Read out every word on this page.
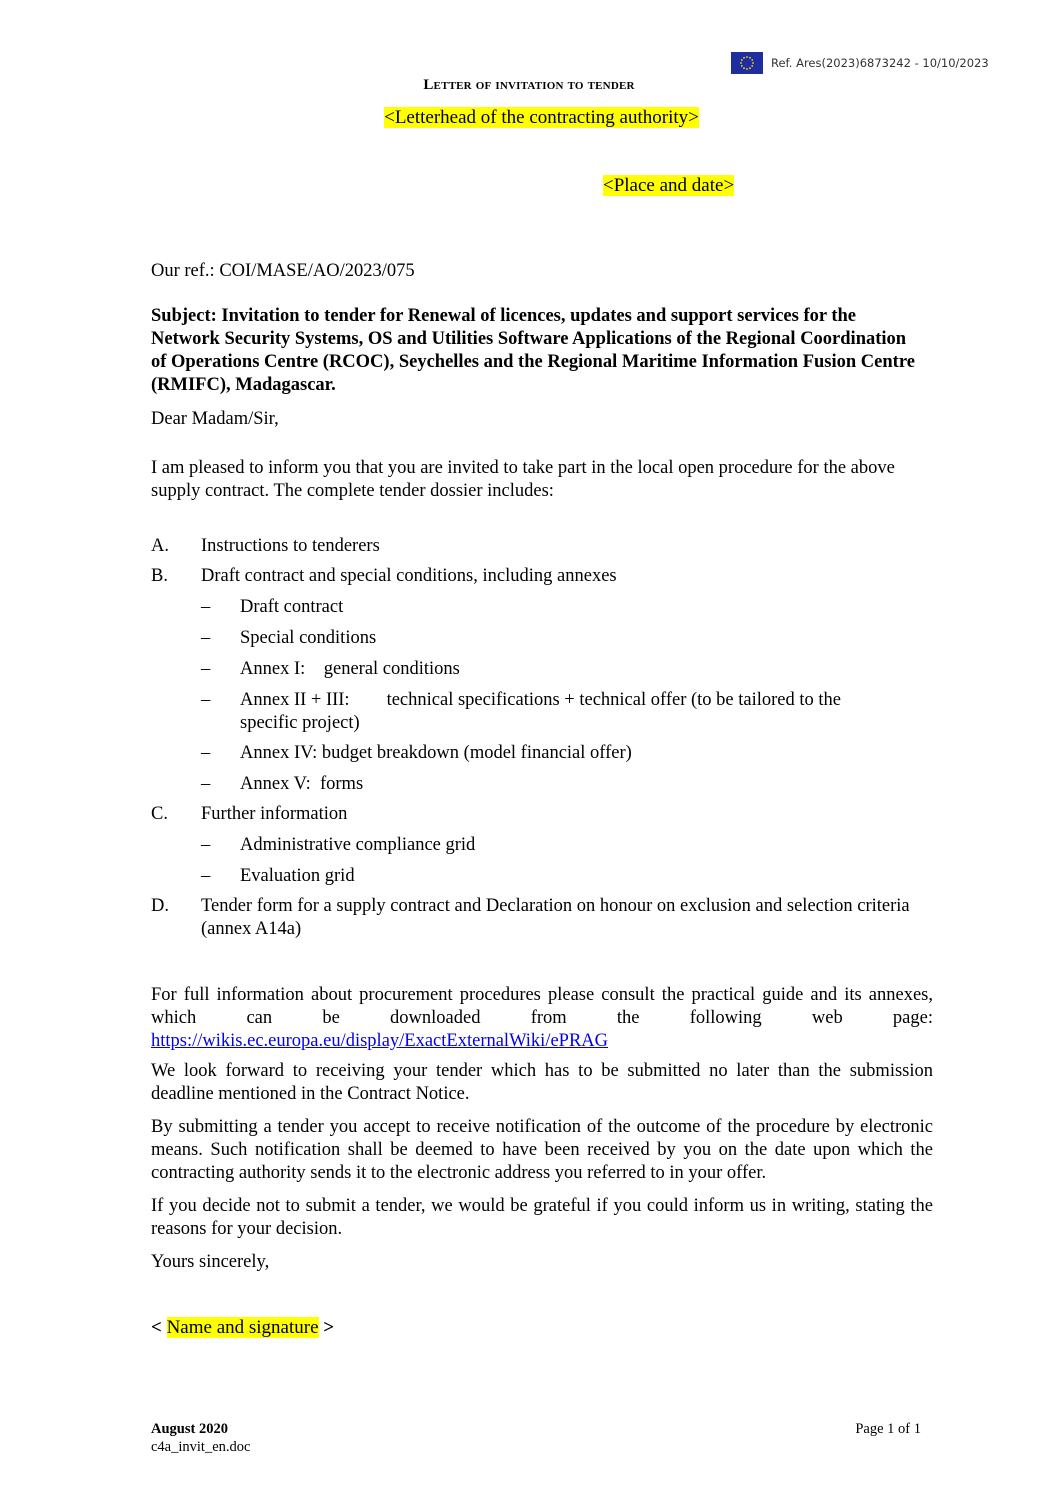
Ref. Ares(2023)6873242 - 10/10/2023
Letter of invitation to tender
<Letterhead of the contracting authority>
<Place and date>
Our ref.: COI/MASE/AO/2023/075
Subject: Invitation to tender for Renewal of licences, updates and support services for the Network Security Systems, OS and Utilities Software Applications of the Regional Coordination of Operations Centre (RCOC), Seychelles and the Regional Maritime Information Fusion Centre (RMIFC), Madagascar.
Dear Madam/Sir,
I am pleased to inform you that you are invited to take part in the local open procedure for the above supply contract. The complete tender dossier includes:
A.	Instructions to tenderers
B.	Draft contract and special conditions, including annexes
–	Draft contract
–	Special conditions
–	Annex I:    general conditions
–	Annex II + III:        technical specifications + technical offer (to be tailored to the specific project)
–	Annex IV: budget breakdown (model financial offer)
–	Annex V:  forms
C.	Further information
–	Administrative compliance grid
–	Evaluation grid
D.	Tender form for a supply contract and Declaration on honour on exclusion and selection criteria (annex A14a)
For full information about procurement procedures please consult the practical guide and its annexes, which can be downloaded from the following web page: https://wikis.ec.europa.eu/display/ExactExternalWiki/ePRAG
We look forward to receiving your tender which has to be submitted no later than the submission deadline mentioned in the Contract Notice.
By submitting a tender you accept to receive notification of the outcome of the procedure by electronic means. Such notification shall be deemed to have been received by you on the date upon which the contracting authority sends it to the electronic address you referred to in your offer.
If you decide not to submit a tender, we would be grateful if you could inform us in writing, stating the reasons for your decision.
Yours sincerely,
< Name and signature >
August 2020
c4a_invit_en.doc
Page 1 of 1
